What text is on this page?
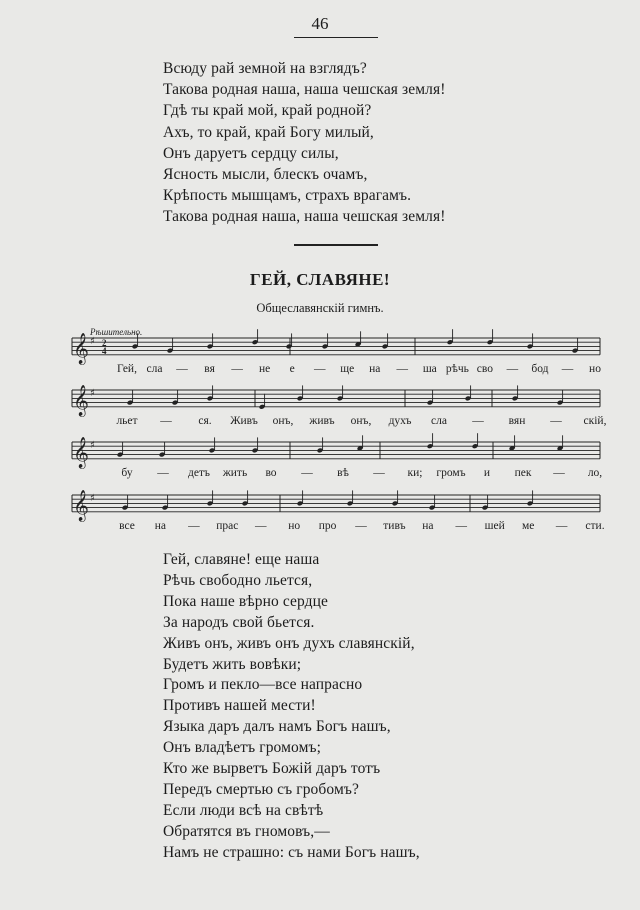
46
Всюду рай земной на взглядъ?
Такова родная наша, наша чешская земля!
Гдѣ ты край мой, край родной?
Ахъ, то край, край Богу милый,
Онъ даруетъ сердцу силы,
Ясность мысли, блескъ очамъ,
Крѣпость мышцамъ, страхъ врагамъ.
Такова родная наша, наша чешская земля!
ГЕЙ, СЛАВЯНЕ!
Общеславянскій гимнъ.
𝄞 ♯
Гей, сла — вя — не е — ще на — ша рѣчь сво — бод — но
𝄞 ♯
льет — ся. Живъ онъ, живъ онъ, духъ сла — вян — скій,
𝄞 ♯
бу — детъ жить во — вѣ — ки; громъ и пек — ло,
𝄞 ♯
все на — прас — но про — тивъ на — шей ме — сти.
2
4
Рѣшительно.
Гей, славяне! еще наша
Рѣчь свободно льется,
Пока наше вѣрно сердце
За народъ свой бьется.
Живъ онъ, живъ онъ духъ славянскій,
Будетъ жить вовѣки;
Громъ и пекло—все напрасно
Противъ нашей мести!
Языка даръ далъ намъ Богъ нашъ,
Онъ владѣетъ громомъ;
Кто же вырветъ Божій даръ тотъ
Передъ смертью съ гробомъ?
Если люди всѣ на свѣтѣ
Обратятся въ гномовъ,—
Намъ не страшно: съ нами Богъ нашъ,
